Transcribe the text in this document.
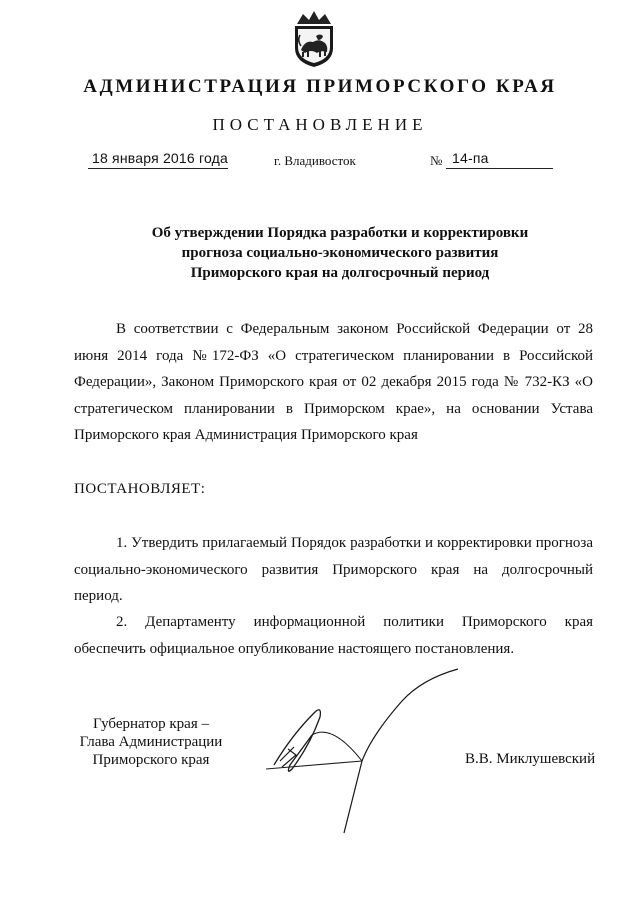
АДМИНИСТРАЦИЯ ПРИМОРСКОГО КРАЯ
ПОСТАНОВЛЕНИЕ
18 января 2016 года	г. Владивосток	№ 14-па
Об утверждении Порядка разработки и корректировки
прогноза социально-экономического развития
Приморского края на долгосрочный период
В соответствии с Федеральным законом Российской Федерации от 28 июня 2014 года №172-ФЗ «О стратегическом планировании в Российской Федерации», Законом Приморского края от 02 декабря 2015 года № 732-КЗ «О стратегическом планировании в Приморском крае», на основании Устава Приморского края Администрация Приморского края
ПОСТАНОВЛЯЕТ:
1. Утвердить прилагаемый Порядок разработки и корректировки прогноза социально-экономического развития Приморского края на долгосрочный период.
2. Департаменту информационной политики Приморского края обеспечить официальное опубликование настоящего постановления.
Губернатор края –
Глава Администрации
Приморского края	В.В. Миклушевский
